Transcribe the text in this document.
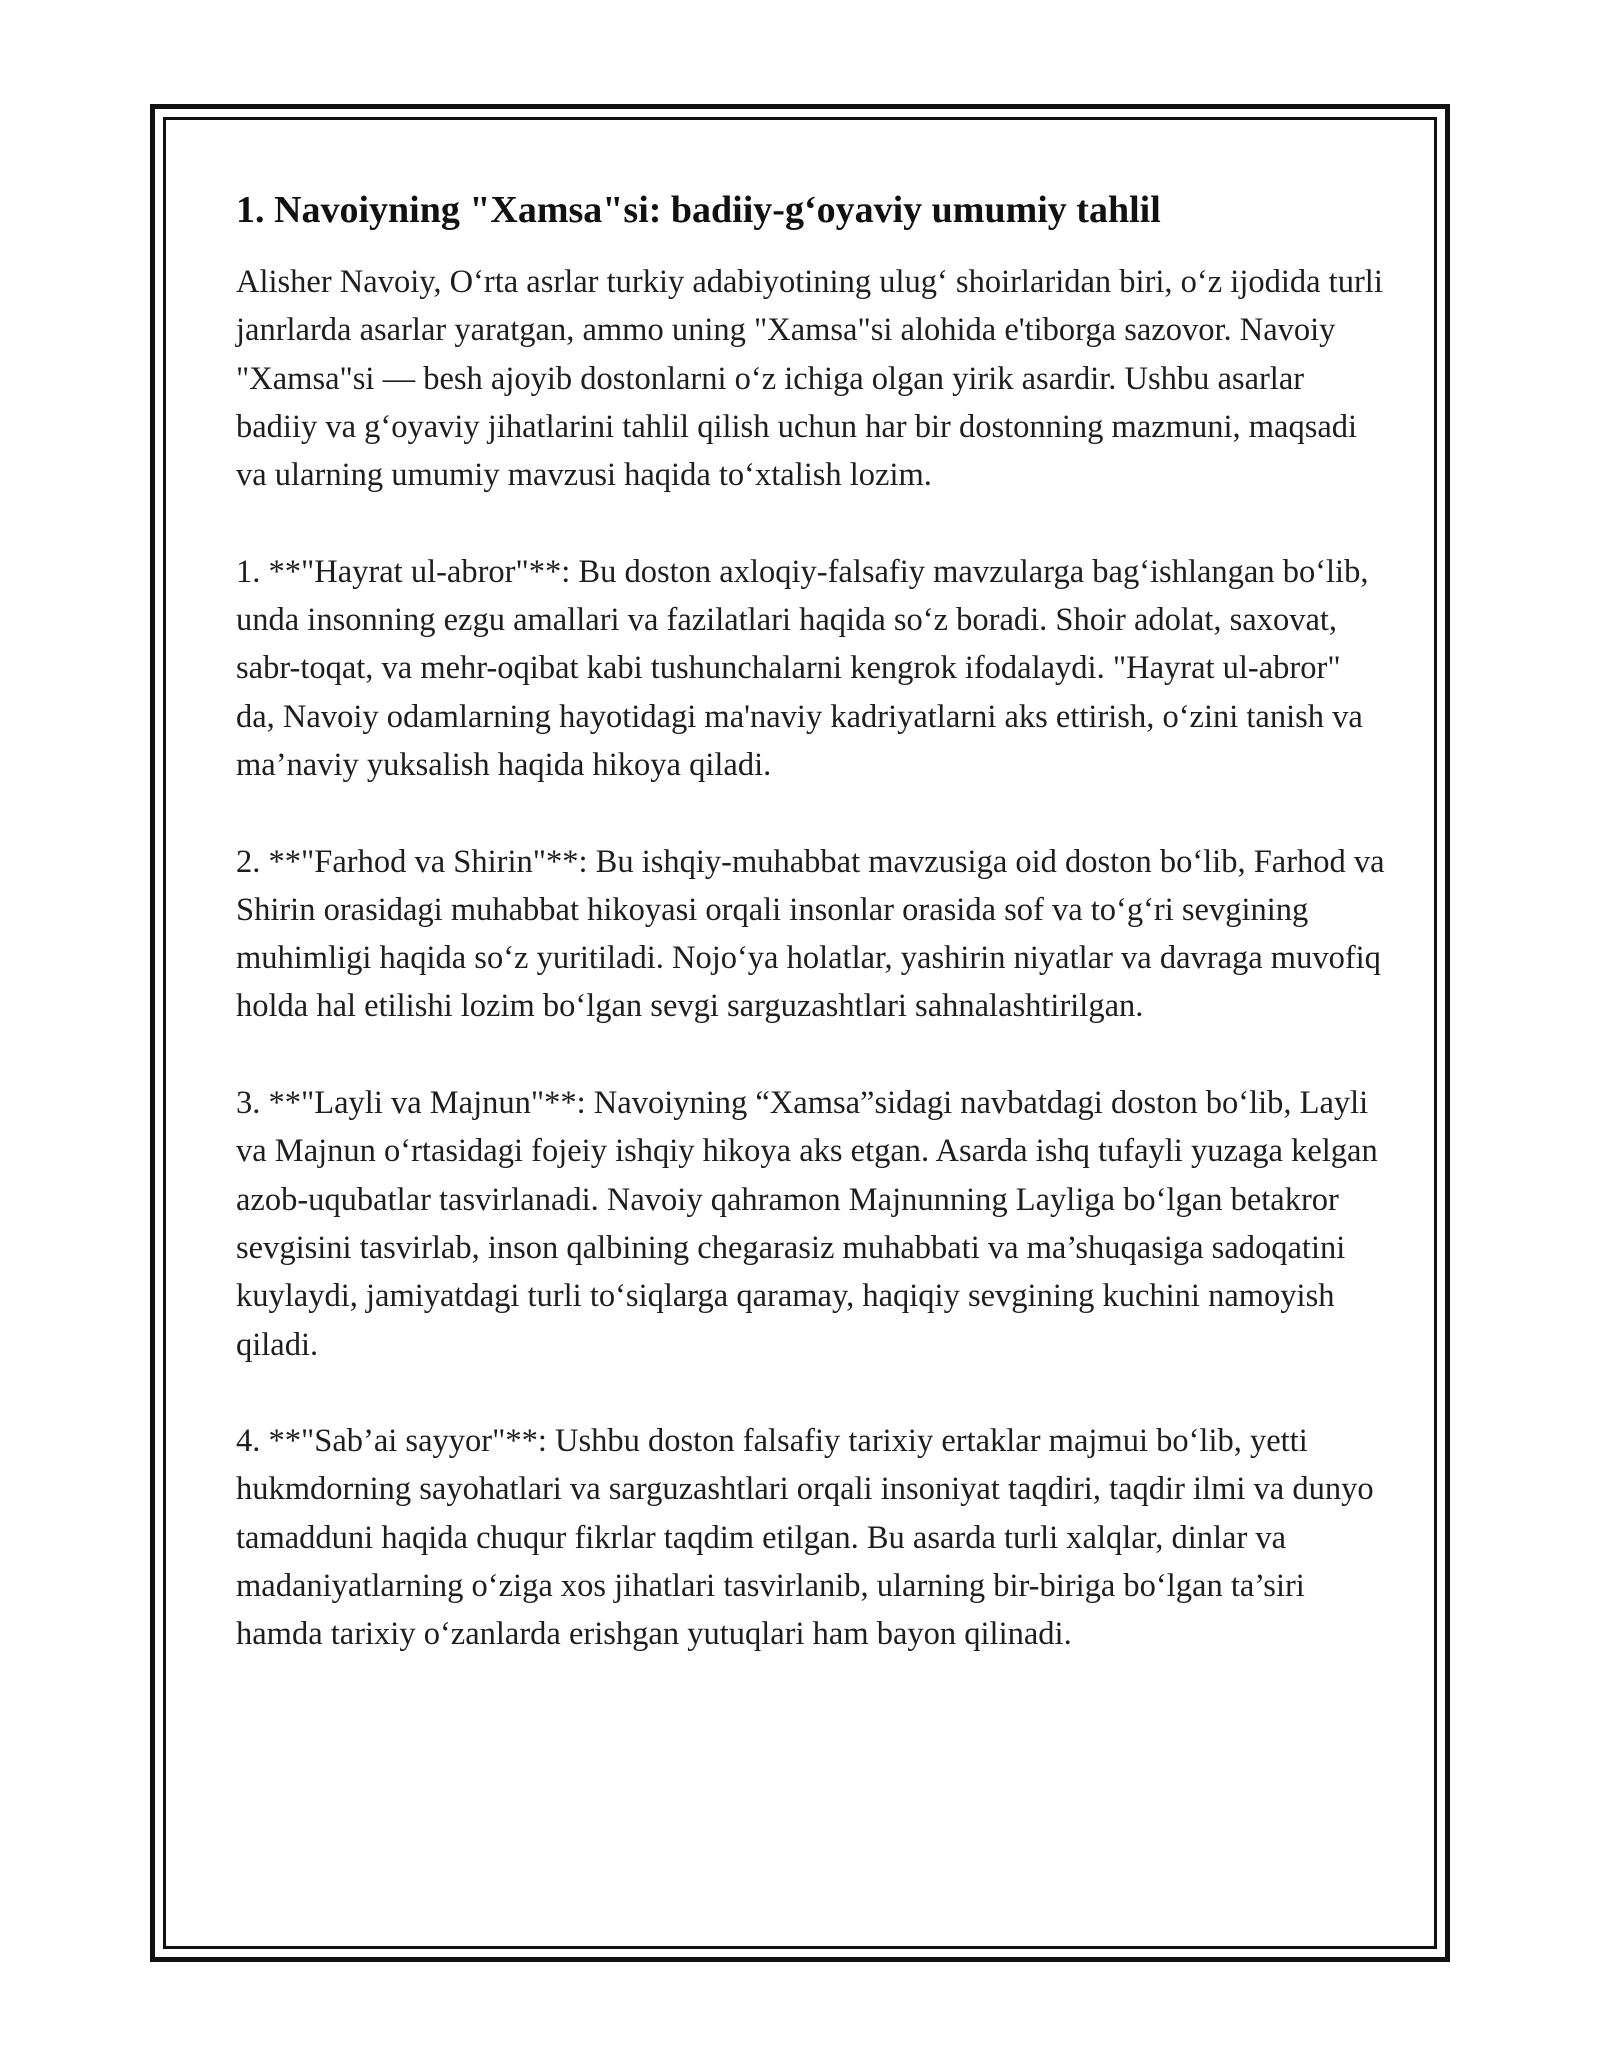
1. Navoiyning "Xamsa"si: badiiy-g‘oyaviy umumiy tahlil

Alisher Navoiy, O‘rta asrlar turkiy adabiyotining ulug‘ shoirlaridan biri, o‘z ijodida turli janrlarda asarlar yaratgan, ammo uning "Xamsa"si alohida e'tiborga sazovor. Navoiy "Xamsa"si — besh ajoyib dostonlarni o‘z ichiga olgan yirik asardir. Ushbu asarlar badiiy va g‘oyaviy jihatlarini tahlil qilish uchun har bir dostonning mazmuni, maqsadi va ularning umumiy mavzusi haqida to‘xtalish lozim.

1. **"Hayrat ul-abror"**: Bu doston axloqiy-falsafiy mavzularga bag‘ishlangan bo‘lib, unda insonning ezgu amallari va fazilatlari haqida so‘z boradi. Shoir adolat, saxovat, sabr-toqat, va mehr-oqibat kabi tushunchalarni kengrok ifodalaydi. "Hayrat ul-abror" da, Navoiy odamlarning hayotidagi ma'naviy kadriyatlarni aks ettirish, o‘zini tanish va ma’naviy yuksalish haqida hikoya qiladi.

2. **"Farhod va Shirin"**: Bu ishqiy-muhabbat mavzusiga oid doston bo‘lib, Farhod va Shirin orasidagi muhabbat hikoyasi orqali insonlar orasida sof va to‘g‘ri sevgining muhimligi haqida so‘z yuritiladi. Nojo‘ya holatlar, yashirin niyatlar va davraga muvofiq holda hal etilishi lozim bo‘lgan sevgi sarguzashtlari sahnalashtirilgan.

3. **"Layli va Majnun"**: Navoiyning “Xamsa”sidagi navbatdagi doston bo‘lib, Layli va Majnun o‘rtasidagi fojeiy ishqiy hikoya aks etgan. Asarda ishq tufayli yuzaga kelgan azob-uqubatlar tasvirlanadi. Navoiy qahramon Majnunning Layliga bo‘lgan betakror sevgisini tasvirlab, inson qalbining chegarasiz muhabbati va ma’shuqasiga sadoqatini kuylaydi, jamiyatdagi turli to‘siqlarga qaramay, haqiqiy sevgining kuchini namoyish qiladi.

4. **"Sab’ai sayyor"**: Ushbu doston falsafiy tarixiy ertaklar majmui bo‘lib, yetti hukmdorning sayohatlari va sarguzashtlari orqali insoniyat taqdiri, taqdir ilmi va dunyo tamadduni haqida chuqur fikrlar taqdim etilgan. Bu asarda turli xalqlar, dinlar va madaniyatlarning o‘ziga xos jihatlari tasvirlanib, ularning bir-biriga bo‘lgan ta’siri hamda tarixiy o‘zanlarda erishgan yutuqlari ham bayon qilinadi.
